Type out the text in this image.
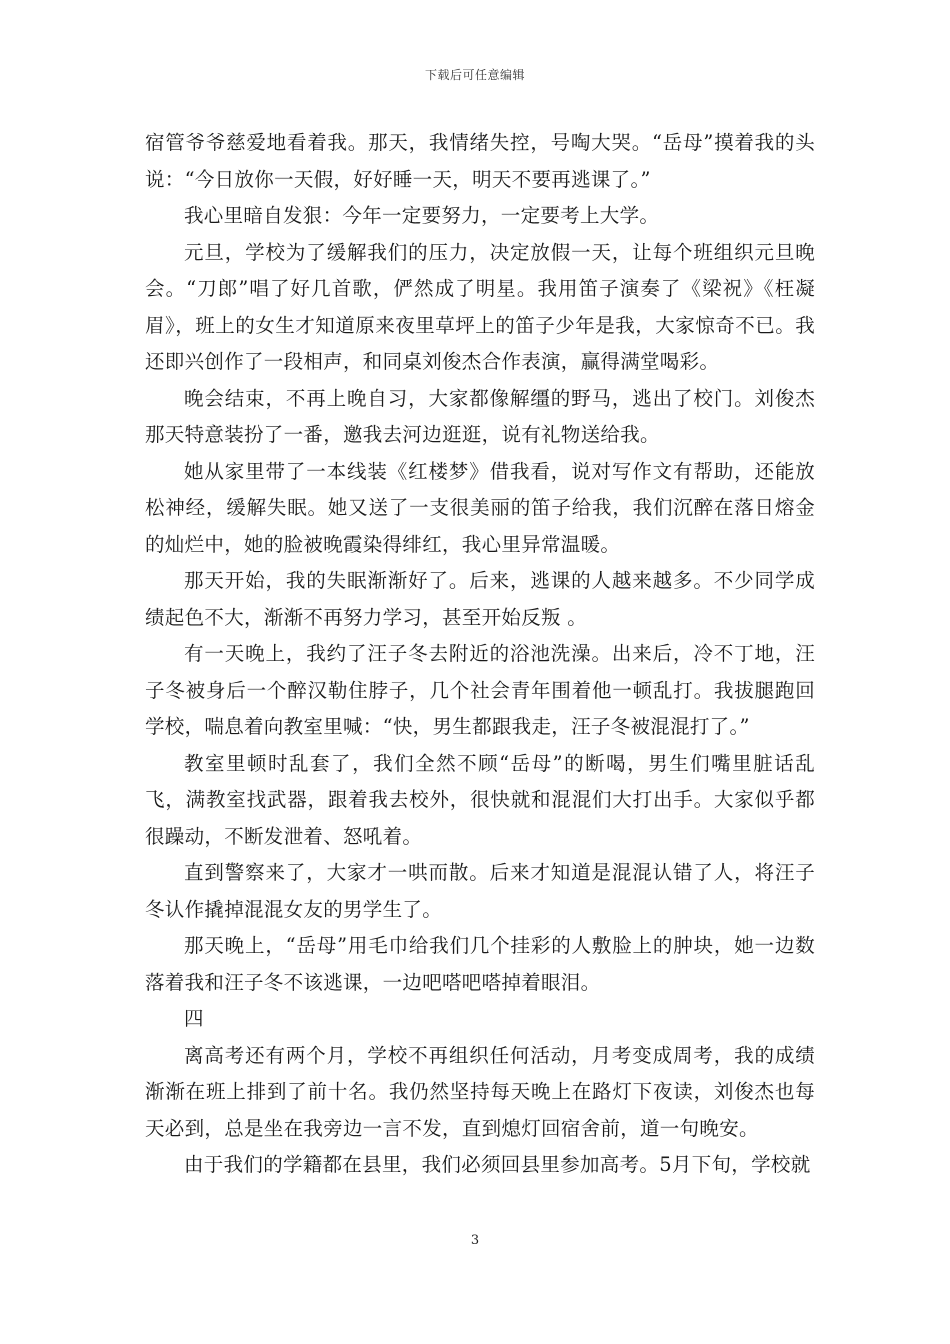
下载后可任意编辑

宿管爷爷慈爱地看着我。那天，我情绪失控，号啕大哭。“岳母”摸着我的头说：“今日放你一天假，好好睡一天，明天不要再逃课了。”

我心里暗自发狠：今年一定要努力，一定要考上大学。

元旦，学校为了缓解我们的压力，决定放假一天，让每个班组织元旦晚会。“刀郎”唱了好几首歌，俨然成了明星。我用笛子演奏了《梁祝》《枉凝眉》，班上的女生才知道原来夜里草坪上的笛子少年是我，大家惊奇不已。我还即兴创作了一段相声，和同桌刘俊杰合作表演，赢得满堂喝彩。

晚会结束，不再上晚自习，大家都像解缰的野马，逃出了校门。刘俊杰那天特意装扮了一番，邀我去河边逛逛，说有礼物送给我。

她从家里带了一本线装《红楼梦》借我看，说对写作文有帮助，还能放松神经，缓解失眠。她又送了一支很美丽的笛子给我，我们沉醉在落日熔金的灿烂中，她的脸被晚霞染得绯红，我心里异常温暖。

那天开始，我的失眠渐渐好了。后来，逃课的人越来越多。不少同学成绩起色不大，渐渐不再努力学习，甚至开始反叛 。

有一天晚上，我约了汪子冬去附近的浴池洗澡。出来后，冷不丁地，汪子冬被身后一个醉汉勒住脖子，几个社会青年围着他一顿乱打。我拔腿跑回学校，喘息着向教室里喊：“快，男生都跟我走，汪子冬被混混打了。”

教室里顿时乱套了，我们全然不顾“岳母”的断喝，男生们嘴里脏话乱飞，满教室找武器，跟着我去校外，很快就和混混们大打出手。大家似乎都很躁动，不断发泄着、怒吼着。

直到警察来了，大家才一哄而散。后来才知道是混混认错了人，将汪子冬认作撬掉混混女友的男学生了。

那天晚上，“岳母”用毛巾给我们几个挂彩的人敷脸上的肿块，她一边数落着我和汪子冬不该逃课，一边吧嗒吧嗒掉着眼泪。

四

离高考还有两个月，学校不再组织任何活动，月考变成周考，我的成绩渐渐在班上排到了前十名。我仍然坚持每天晚上在路灯下夜读，刘俊杰也每天必到，总是坐在我旁边一言不发，直到熄灯回宿舍前，道一句晚安。

由于我们的学籍都在县里，我们必须回县里参加高考。5月下旬，学校就

3
